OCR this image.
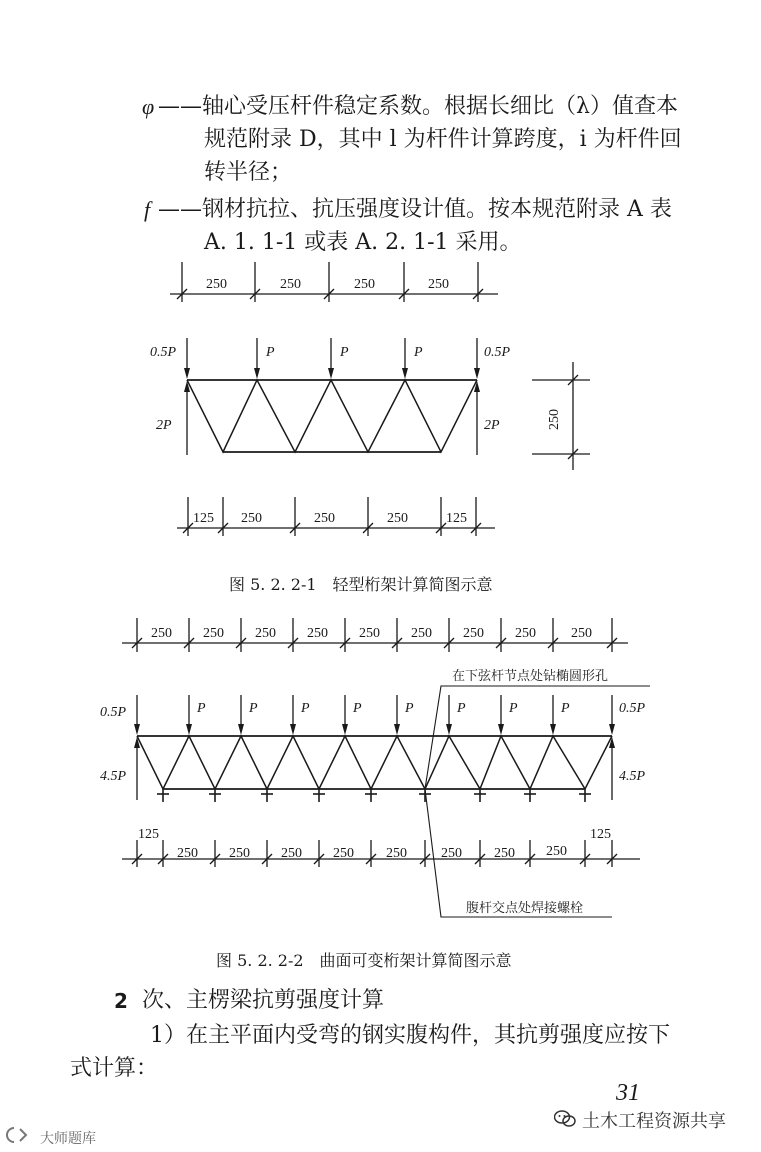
φ ——轴心受压杆件稳定系数。根据长细比（λ）值查本
规范附录 D，其中 l 为杆件计算跨度，i 为杆件回
转半径；
f ——钢材抗拉、抗压强度设计值。按本规范附录 A 表
A. 1. 1-1 或表 A. 2. 1-1 采用。
250	250	250	250
0.5P	P	P	P	0.5P
2P	2P	250
125 250	250	250	125
250 250 250 250 250 250 250 250	250
0.5P	P	P	P	P	P	P	P	P	0.5P
4.5P	4.5P
125
250 250 250 250 250 250 250 250
125
在下弦杆节点处钻椭圆形孔
腹杆交点处焊接螺栓
图 5. 2. 2-1　轻型桁架计算简图示意
图 5. 2. 2-2　曲面可变桁架计算简图示意
2 次、主楞梁抗剪强度计算
1）在主平面内受弯的钢实腹构件，其抗剪强度应按下
式计算：
31
土木工程资源共享
大师题库
